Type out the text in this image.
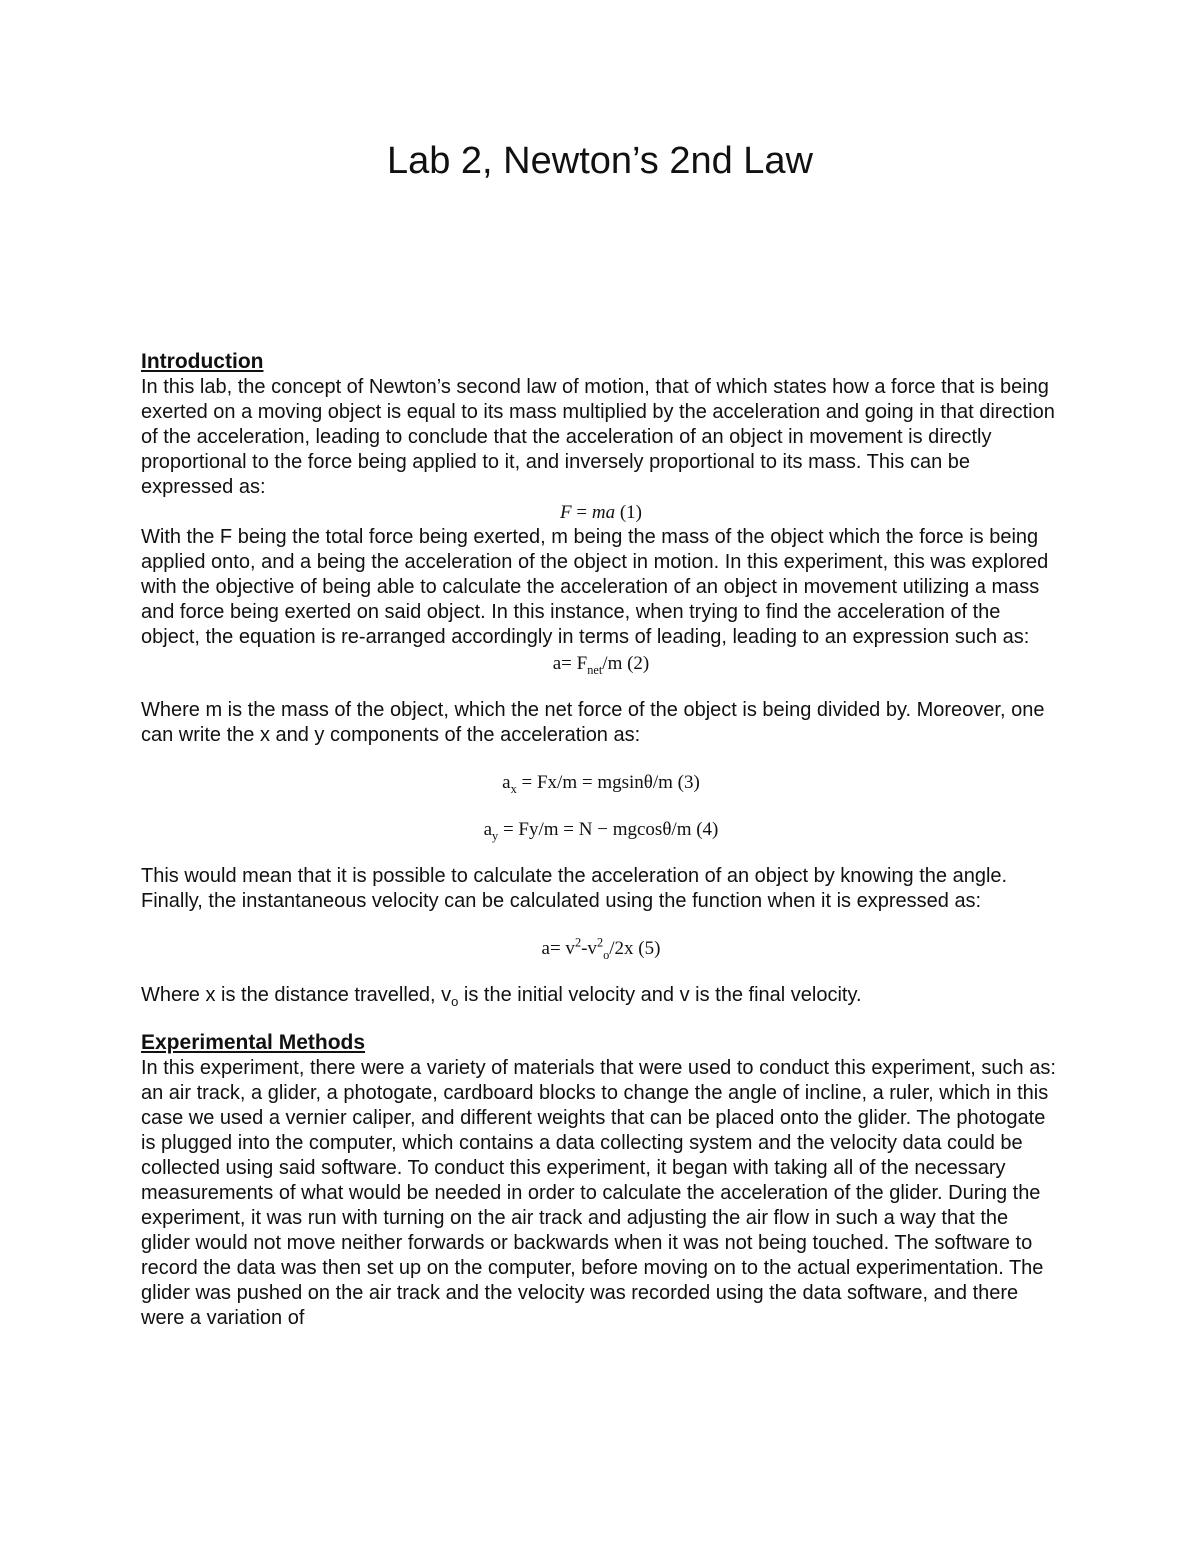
Lab 2, Newton’s 2nd Law
Introduction

In this lab, the concept of Newton’s second law of motion, that of which states how a force that is being exerted on a moving object is equal to its mass multiplied by the acceleration and going in that direction of the acceleration, leading to conclude that the acceleration of an object in movement is directly proportional to the force being applied to it, and inversely proportional to its mass. This can be expressed as:

F = ma (1)

With the F being the total force being exerted, m being the mass of the object which the force is being applied onto, and a being the acceleration of the object in motion. In this experiment, this was explored with the objective of being able to calculate the acceleration of an object in movement utilizing a mass and force being exerted on said object. In this instance, when trying to find the acceleration of the object, the equation is re-arranged accordingly in terms of leading, leading to an expression such as:

$a= F_{net}/m$ (2)

Where m is the mass of the object, which the net force of the object is being divided by. Moreover, one can write the x and y components of the acceleration as:

$a_x = Fx/m = mgsin\theta/m$ (3)
$a_y = Fy/m = N - mgcos\theta/m$ (4)

This would mean that it is possible to calculate the acceleration of an object by knowing the angle. Finally, the instantaneous velocity can be calculated using the function when it is expressed as:

$a= v^2-v^2_o/2x$ (5)

Where x is the distance travelled, $v_o$ is the initial velocity and v is the final velocity.

Experimental Methods

In this experiment, there were a variety of materials that were used to conduct this experiment, such as: an air track, a glider, a photogate, cardboard blocks to change the angle of incline, a ruler, which in this case we used a vernier caliper, and different weights that can be placed onto the glider. The photogate is plugged into the computer, which contains a data collecting system and the velocity data could be collected using said software. To conduct this experiment, it began with taking all of the necessary measurements of what would be needed in order to calculate the acceleration of the glider. During the experiment, it was run with turning on the air track and adjusting the air flow in such a way that the glider would not move neither forwards or backwards when it was not being touched. The software to record the data was then set up on the computer, before moving on to the actual experimentation. The glider was pushed on the air track and the velocity was recorded using the data software, and there were a variation of
